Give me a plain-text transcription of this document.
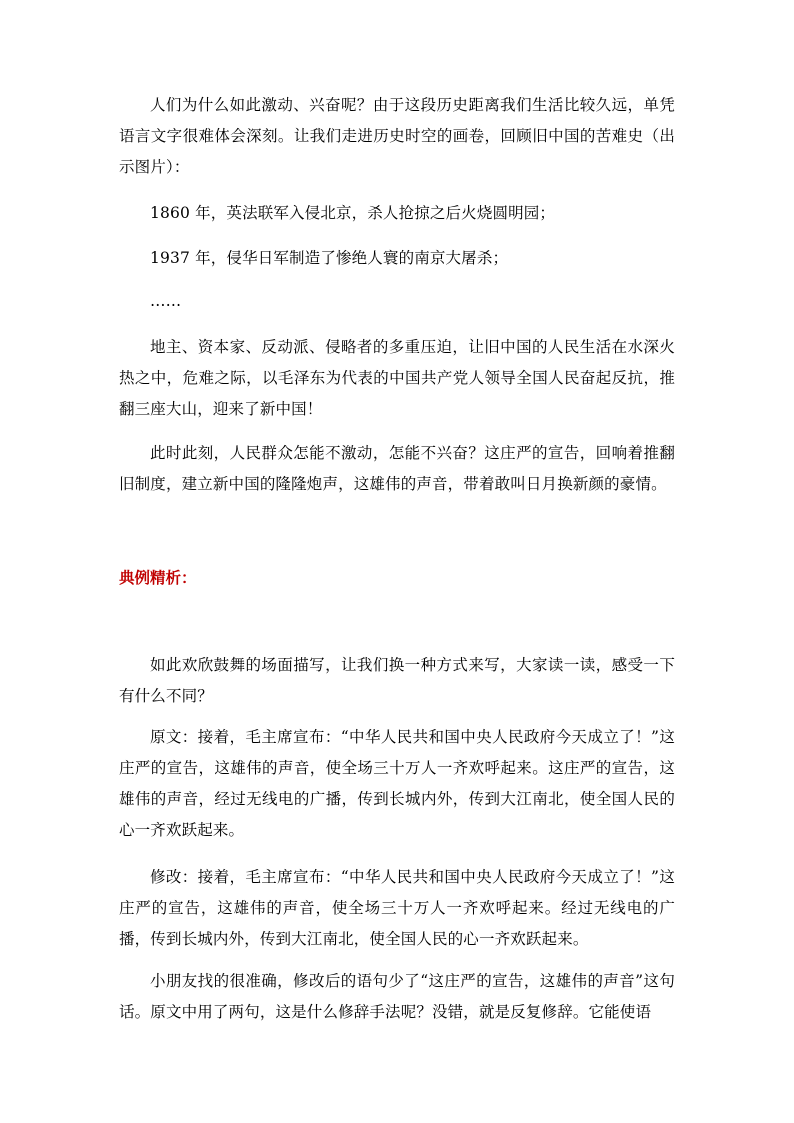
人们为什么如此激动、兴奋呢？由于这段历史距离我们生活比较久远，单凭语言文字很难体会深刻。让我们走进历史时空的画卷，回顾旧中国的苦难史（出示图片）：

1860 年，英法联军入侵北京，杀人抢掠之后火烧圆明园；

1937 年，侵华日军制造了惨绝人寰的南京大屠杀；

……

地主、资本家、反动派、侵略者的多重压迫，让旧中国的人民生活在水深火热之中，危难之际，以毛泽东为代表的中国共产党人领导全国人民奋起反抗，推翻三座大山，迎来了新中国！

此时此刻，人民群众怎能不激动，怎能不兴奋？这庄严的宣告，回响着推翻旧制度，建立新中国的隆隆炮声，这雄伟的声音，带着敢叫日月换新颜的豪情。

典例精析：

如此欢欣鼓舞的场面描写，让我们换一种方式来写，大家读一读，感受一下有什么不同？

原文：接着，毛主席宣布：“中华人民共和国中央人民政府今天成立了！”这庄严的宣告，这雄伟的声音，使全场三十万人一齐欢呼起来。这庄严的宣告，这雄伟的声音，经过无线电的广播，传到长城内外，传到大江南北，使全国人民的心一齐欢跃起来。

修改：接着，毛主席宣布：“中华人民共和国中央人民政府今天成立了！”这庄严的宣告，这雄伟的声音，使全场三十万人一齐欢呼起来。经过无线电的广播，传到长城内外，传到大江南北，使全国人民的心一齐欢跃起来。

小朋友找的很准确，修改后的语句少了“这庄严的宣告，这雄伟的声音”这句话。原文中用了两句，这是什么修辞手法呢？没错，就是反复修辞。它能使语
